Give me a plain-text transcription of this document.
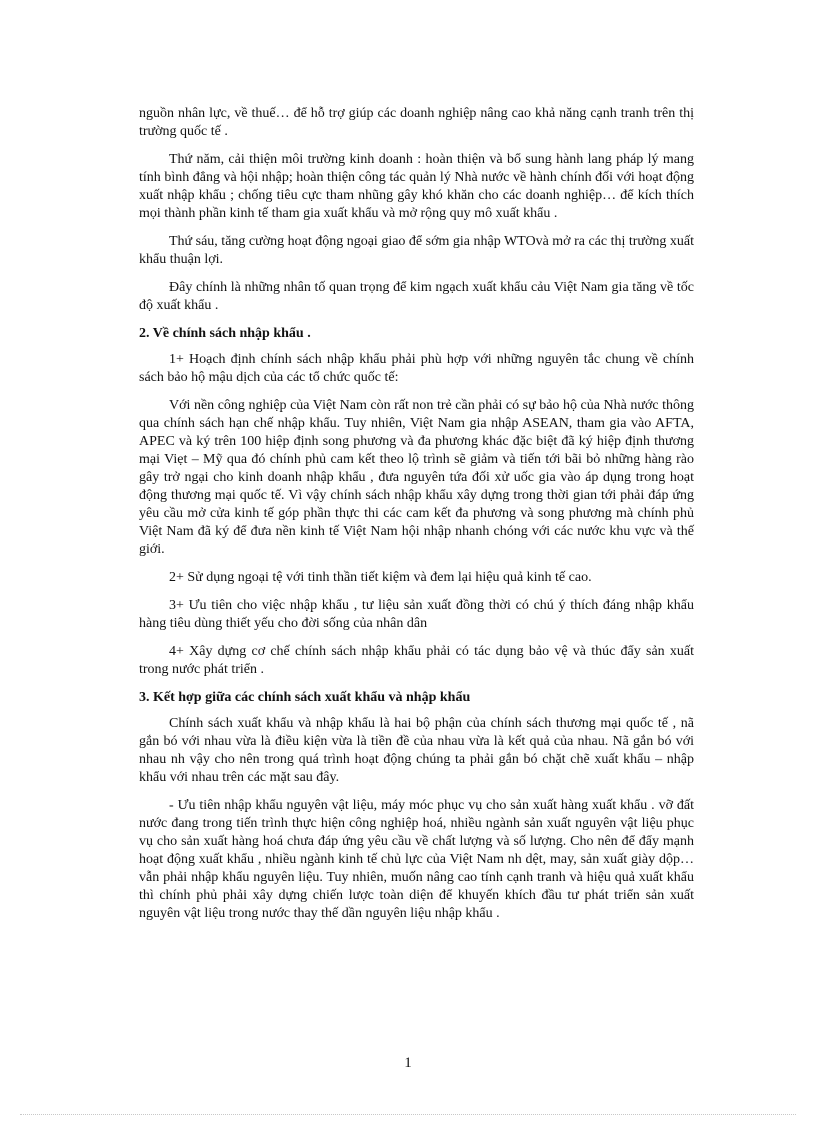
nguồn nhân lực, về thuế… để hỗ trợ giúp các doanh nghiệp nâng cao khả năng cạnh tranh trên thị trường quốc tế .

Thứ năm, cải thiện môi trường kinh doanh : hoàn thiện và bổ sung hành lang pháp lý mang tính bình đẳng và hội nhập; hoàn thiện công tác quản lý Nhà nước về hành chính đối với hoạt động xuất nhập khẩu ; chống tiêu cực tham nhũng gây khó khăn cho các doanh nghiệp… để kích thích mọi thành phần kinh tế tham gia xuất khẩu và mở rộng quy mô xuất khẩu .

Thứ sáu, tăng cường hoạt động ngoại giao để sớm gia nhập WTOvà mở ra các thị trường xuất khẩu thuận lợi.

Đây chính là những nhân tố quan trọng để kim ngạch xuất khẩu cảu Việt Nam gia tăng về tốc độ xuất khẩu .

2. Về chính sách nhập khẩu .

1+ Hoạch định chính sách nhập khẩu phải phù hợp với những nguyên tắc chung về chính sách bảo hộ mậu dịch của các tổ chức quốc tế:

Với nền công nghiệp của Việt Nam còn rất non trẻ cần phải có sự bảo hộ của Nhà nước thông qua chính sách hạn chế nhập khẩu. Tuy nhiên, Việt Nam gia nhập ASEAN, tham gia vào AFTA, APEC và ký trên 100 hiệp định song phương và đa phương khác đặc biệt đã ký hiệp định thương mại Viẹt – Mỹ qua đó chính phủ cam kết theo lộ trình sẽ giảm và tiến tới bãi bỏ những hàng rào gây trở ngại cho kinh doanh nhập khẩu , đưa nguyên tứa đối xử uốc gia vào áp dụng trong hoạt động thương mại quốc tế. Vì vậy chính sách nhập khẩu xây dựng trong thời gian tới phải đáp ứng yêu cầu mở cửa kinh tế góp phần thực thi các cam kết đa phương và song phương mà chính phủ Việt Nam đã ký để đưa nền kinh tế Việt Nam hội nhập nhanh chóng với các nước khu vực và thế giới.

2+ Sử dụng ngoại tệ với tinh thần tiết kiệm và đem lại hiệu quả kinh tế cao.

3+ Ưu tiên cho việc nhập khẩu , tư liệu sản xuất đồng thời có chú ý thích đáng nhập khẩu hàng tiêu dùng thiết yếu cho đời sống của nhân dân

4+ Xây dựng cơ chế chính sách nhập khẩu phải có tác dụng bảo vệ và thúc đẩy sản xuất trong nước phát triển .

3. Kết hợp giữa các chính sách xuất khẩu và nhập khẩu

Chính sách xuất khẩu và nhập khẩu là hai bộ phận của chính sách thương mại quốc tế , nã gắn bó với nhau vừa là điều kiện vừa là tiền đề của nhau vừa là kết quả của nhau. Nã gắn bó với nhau nh vậy cho nên trong quá trình hoạt động chúng ta phải gắn bó chặt chẽ xuất khẩu – nhập khẩu với nhau trên các mặt sau đây.

- Ưu tiên nhập khẩu nguyên vật liệu, máy móc phục vụ cho sản xuất hàng xuất khẩu . vỡ đất nước đang trong tiến trình thực hiện công nghiệp hoá, nhiều ngành sản xuất nguyên vật liệu phục vụ cho sản xuất hàng hoá chưa đáp ứng yêu cầu về chất lượng và số lượng. Cho nên để đẩy mạnh hoạt động xuất khẩu , nhiều ngành kinh tế chủ lực của Việt Nam nh dệt, may, sản xuất giày dộp…vẫn phải nhập khẩu nguyên liệu. Tuy nhiên, muốn nâng cao tính cạnh tranh và hiệu quả xuất khẩu thì chính phủ phải xây dựng chiến lược toàn diện để khuyến khích đầu tư phát triển sản xuất nguyên vật liệu trong nước thay thế dần nguyên liệu nhập khẩu .

1
